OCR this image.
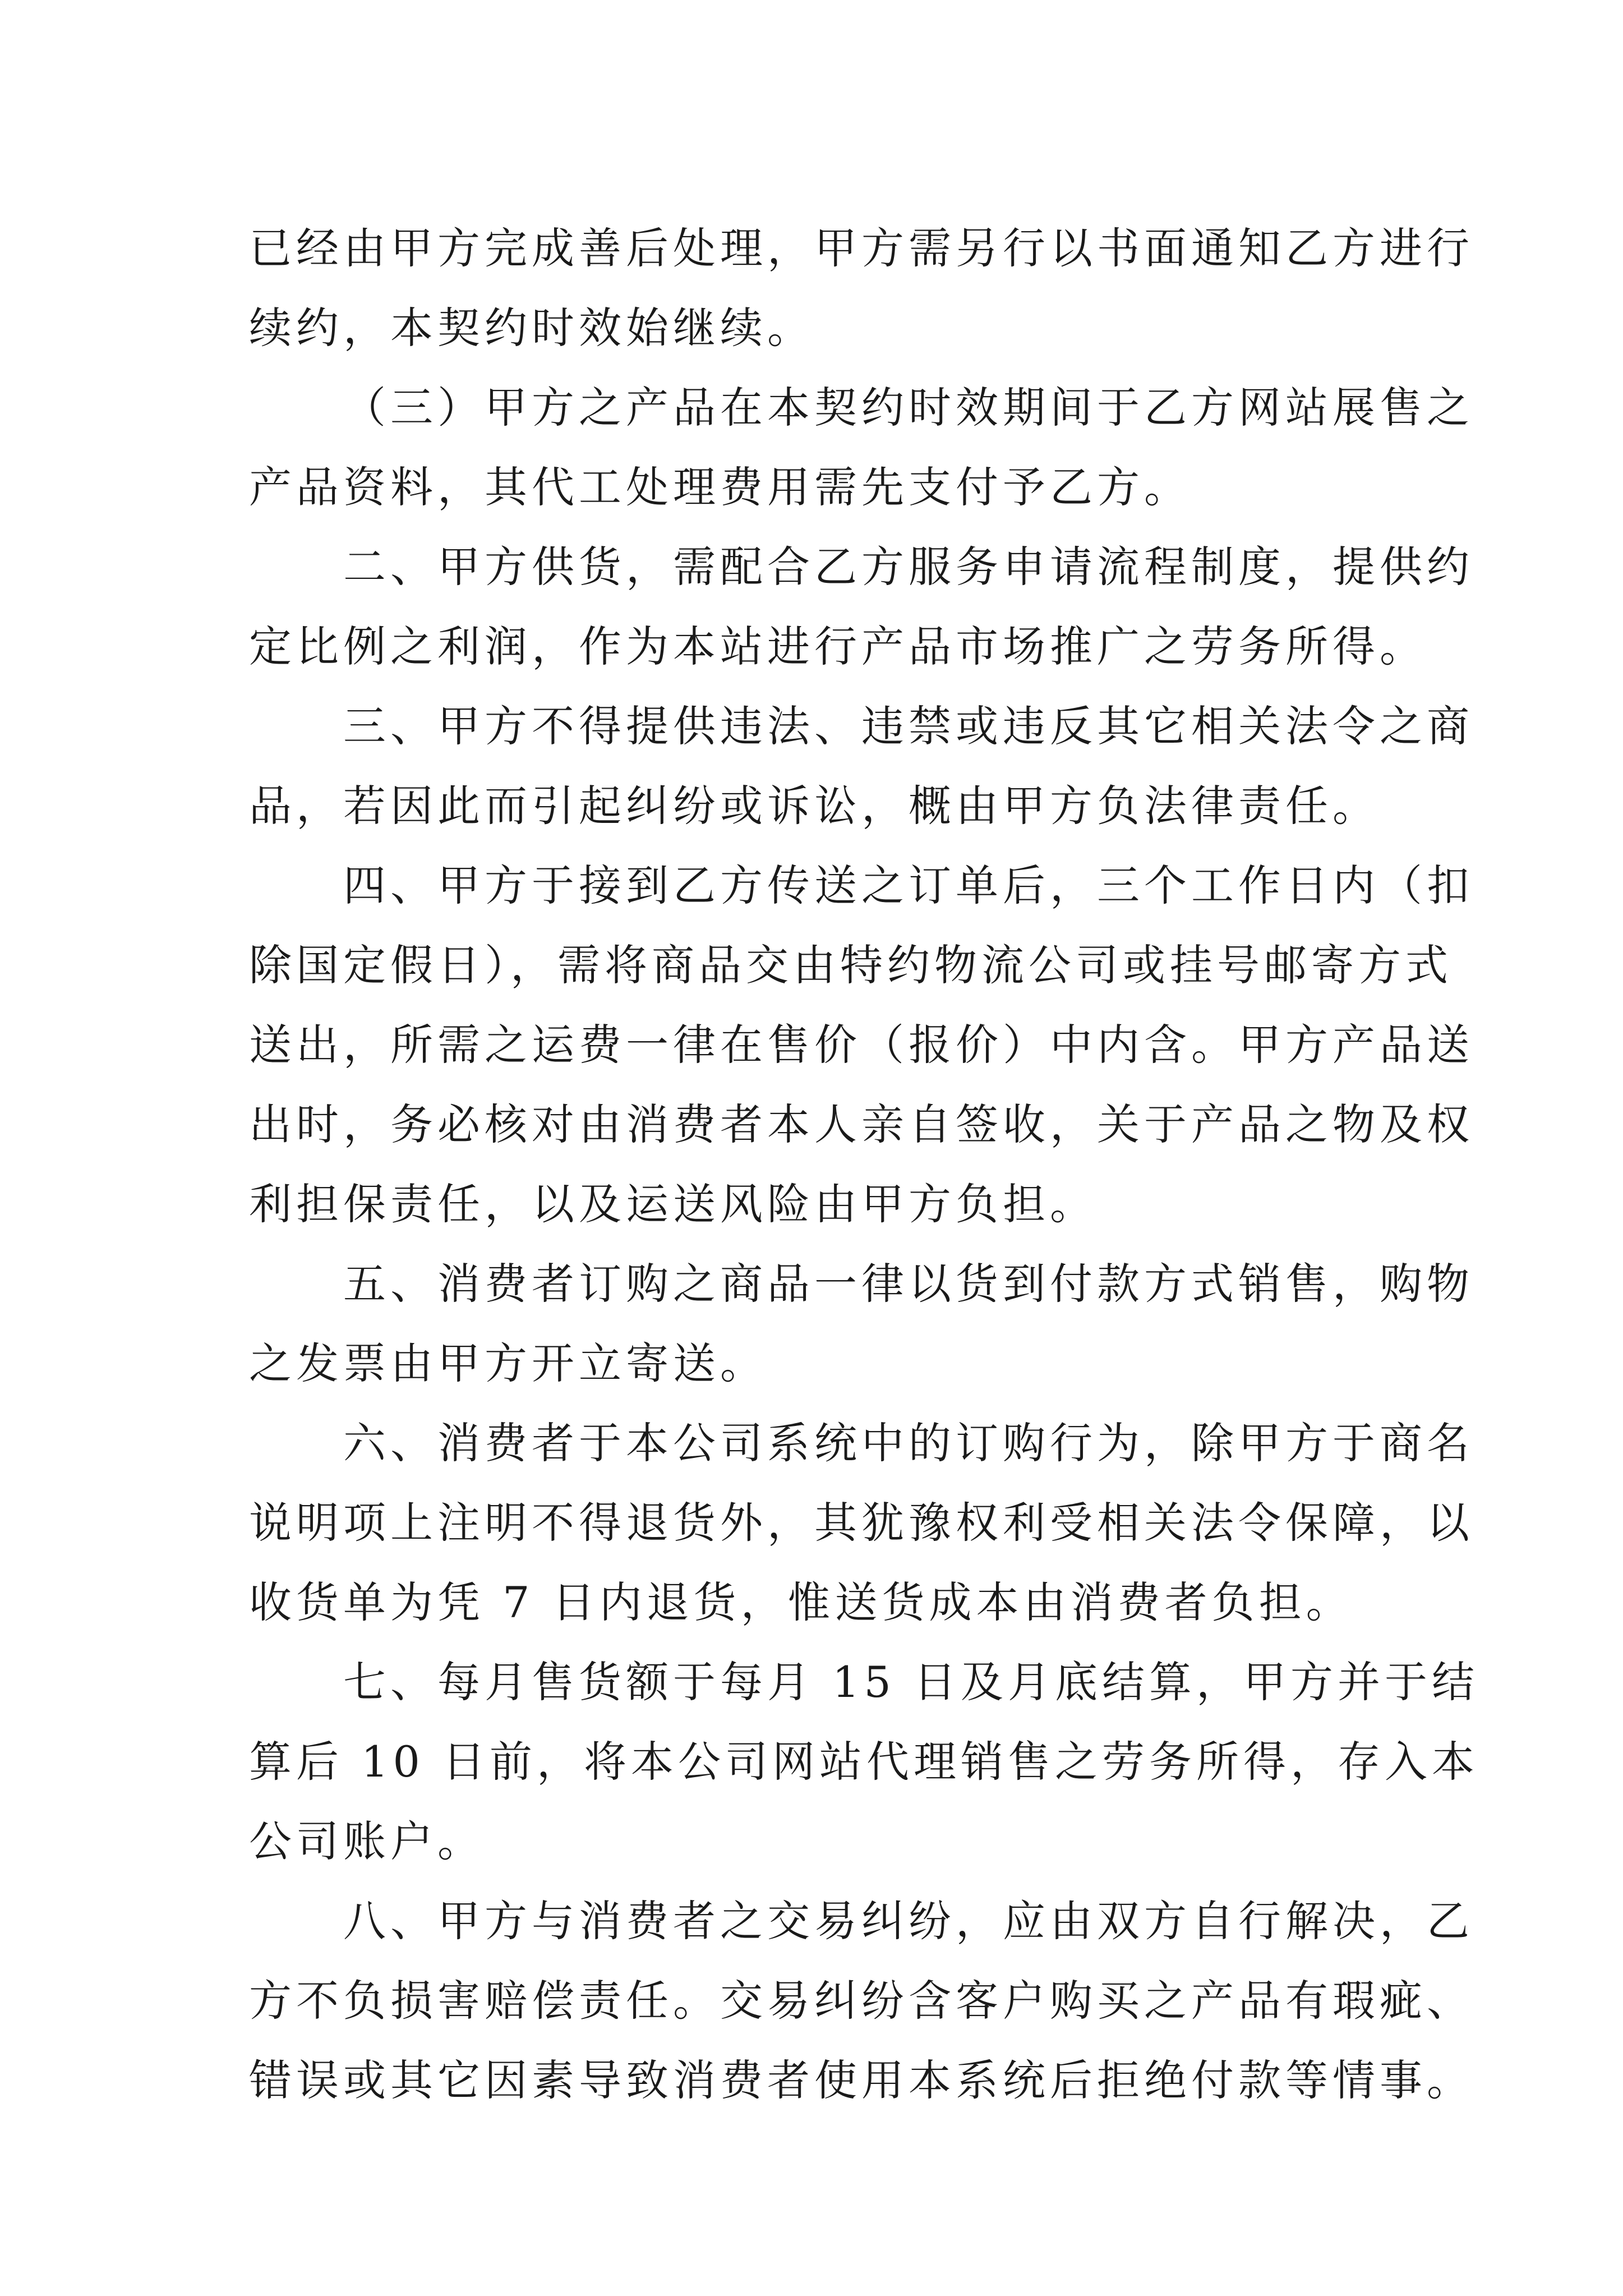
已经由甲方完成善后处理，甲方需另行以书面通知乙方进行
续约，本契约时效始继续。
（三）甲方之产品在本契约时效期间于乙方网站展售之
产品资料，其代工处理费用需先支付予乙方。
二、甲方供货，需配合乙方服务申请流程制度，提供约
定比例之利润，作为本站进行产品市场推广之劳务所得。
三、甲方不得提供违法、违禁或违反其它相关法令之商
品，若因此而引起纠纷或诉讼，概由甲方负法律责任。
四、甲方于接到乙方传送之订单后，三个工作日内（扣
除国定假日），需将商品交由特约物流公司或挂号邮寄方式
送出，所需之运费一律在售价（报价）中内含。甲方产品送
出时，务必核对由消费者本人亲自签收，关于产品之物及权
利担保责任，以及运送风险由甲方负担。
五、消费者订购之商品一律以货到付款方式销售，购物
之发票由甲方开立寄送。
六、消费者于本公司系统中的订购行为，除甲方于商名
说明项上注明不得退货外，其犹豫权利受相关法令保障，以
收货单为凭 7 日内退货，惟送货成本由消费者负担。
七、每月售货额于每月 15 日及月底结算，甲方并于结
算后 10 日前，将本公司网站代理销售之劳务所得，存入本
公司账户。
八、甲方与消费者之交易纠纷，应由双方自行解决，乙
方不负损害赔偿责任。交易纠纷含客户购买之产品有瑕疵、
错误或其它因素导致消费者使用本系统后拒绝付款等情事。
